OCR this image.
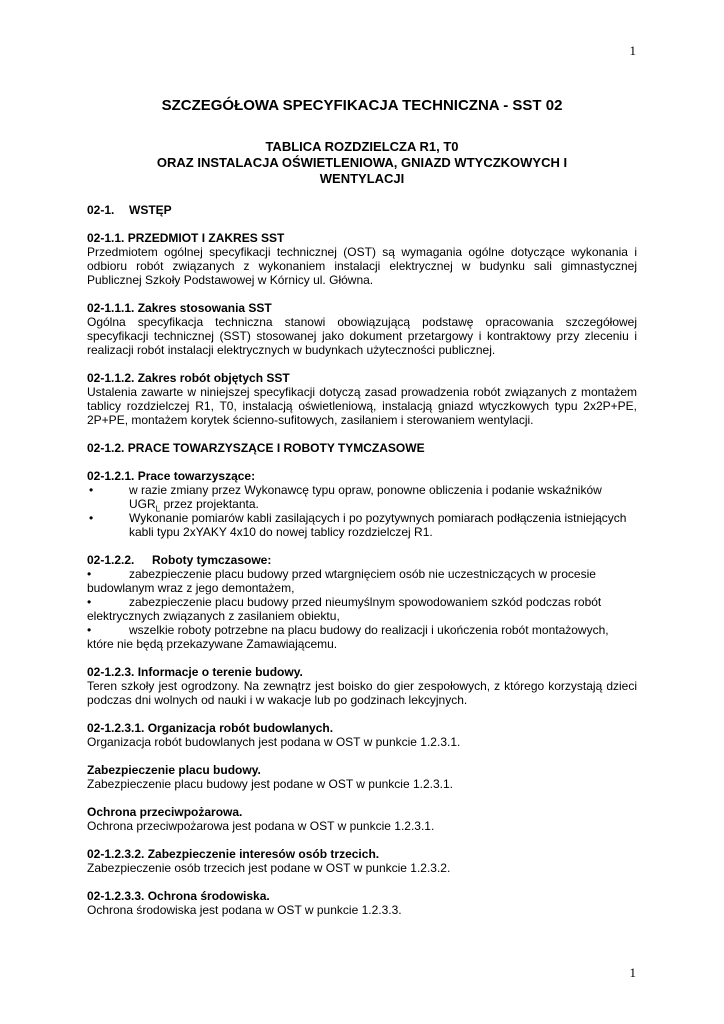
1
SZCZEGÓŁOWA SPECYFIKACJA TECHNICZNA - SST 02
TABLICA ROZDZIELCZA R1, T0
ORAZ INSTALACJA OŚWIETLENIOWA, GNIAZD WTYCZKOWYCH I
WENTYLACJI
02-1. WSTĘP
02-1.1. PRZEDMIOT I ZAKRES SST

Przedmiotem ogólnej specyfikacji technicznej (OST) są wymagania ogólne dotyczące wykonania i odbioru robót związanych z wykonaniem instalacji elektrycznej w budynku sali gimnastycznej Publicznej Szkoły Podstawowej w Kórnicy ul. Główna.

02-1.1.1. Zakres stosowania SST

Ogólna specyfikacja techniczna stanowi obowiązującą podstawę opracowania szczegółowej specyfikacji technicznej (SST) stosowanej jako dokument przetargowy i kontraktowy przy zleceniu i realizacji robót instalacji elektrycznych w budynkach użyteczności publicznej.

02-1.1.2. Zakres robót objętych SST

Ustalenia zawarte w niniejszej specyfikacji dotyczą zasad prowadzenia robót związanych z montażem tablicy rozdzielczej R1, T0, instalacją oświetleniową, instalacją gniazd wtyczkowych typu 2x2P+PE, 2P+PE, montażem korytek ścienno-sufitowych, zasilaniem i sterowaniem wentylacji.

02-1.2. PRACE TOWARZYSZĄCE I ROBOTY TYMCZASOWE
02-1.2.1. Prace towarzyszące:
•	w razie zmiany przez Wykonawcę typu opraw, ponowne obliczenia i podanie wskaźników
$UGR_L$ przez projektanta.
•	Wykonanie pomiarów kabli zasilających i po pozytywnych pomiarach podłączenia istniejących kabli typu 2xYAKY 4x10 do nowej tablicy rozdzielczej R1.
02-1.2.2. Roboty tymczasowe:
•	zabezpieczenie placu budowy przed wtargnięciem osób nie uczestniczących w procesie budowlanym wraz z jego demontażem,
•	zabezpieczenie placu budowy przed nieumyślnym spowodowaniem szkód podczas robót elektrycznych związanych z zasilaniem obiektu,
•	wszelkie roboty potrzebne na placu budowy do realizacji i ukończenia robót montażowych, które nie będą przekazywane Zamawiającemu.
02-1.2.3. Informacje o terenie budowy.

Teren szkoły jest ogrodzony. Na zewnątrz jest boisko do gier zespołowych, z którego korzystają dzieci podczas dni wolnych od nauki i w wakacje lub po godzinach lekcyjnych.

02-1.2.3.1. Organizacja robót budowlanych.

Organizacja robót budowlanych jest podana w OST w punkcie 1.2.3.1.

Zabezpieczenie placu budowy.

Zabezpieczenie placu budowy jest podane w OST w punkcie 1.2.3.1.

Ochrona przeciwpożarowa.

Ochrona przeciwpożarowa jest podana w OST w punkcie 1.2.3.1.

02-1.2.3.2. Zabezpieczenie interesów osób trzecich.

Zabezpieczenie osób trzecich jest podane w OST w punkcie 1.2.3.2.

02-1.2.3.3. Ochrona środowiska.

Ochrona środowiska jest podana w OST w punkcie 1.2.3.3.

1
